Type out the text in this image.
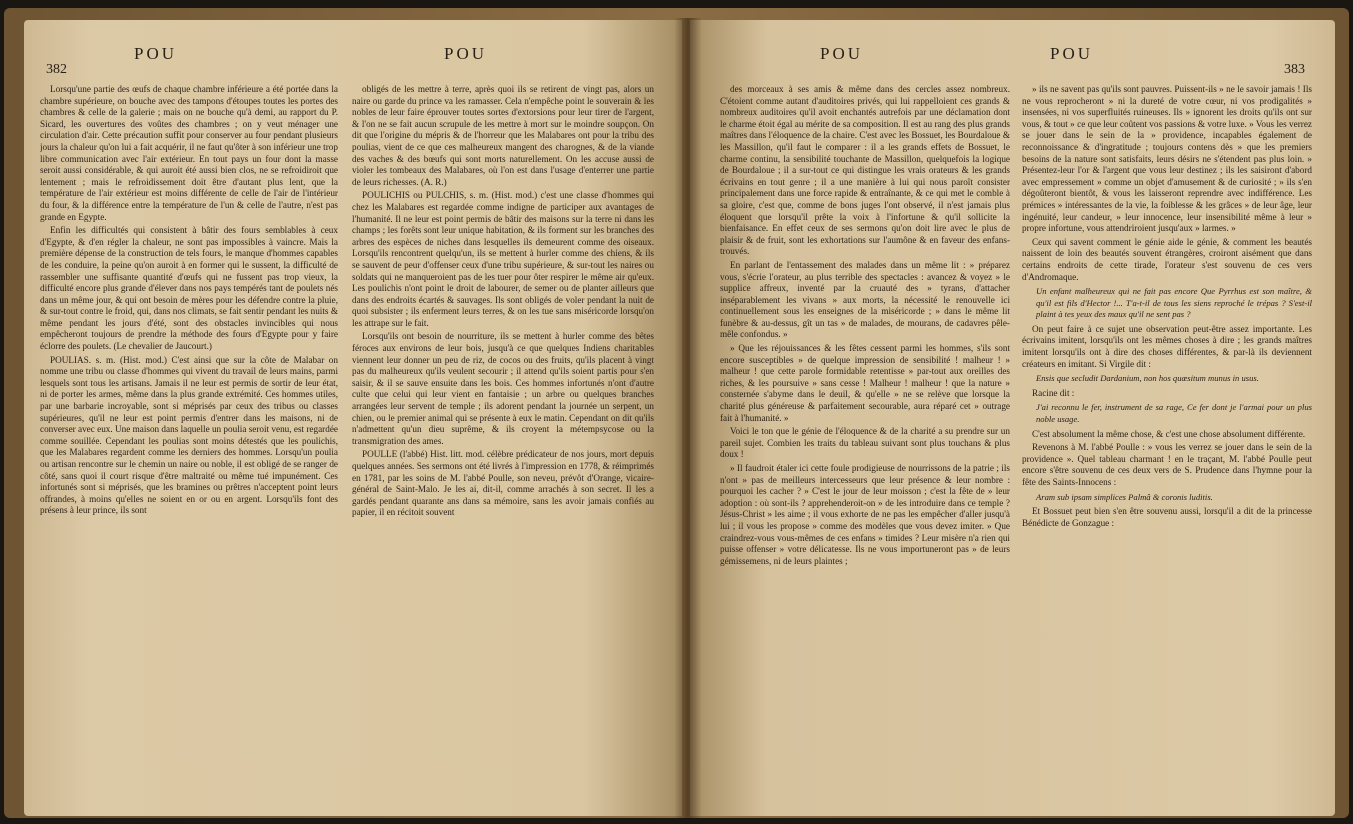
382
POU	POU

Lorsqu'une partie des œufs de chaque chambre inférieure a été portée dans la chambre supérieure, on bouche avec des tampons d'étoupes toutes les portes des chambres & celle de la galerie ; mais on ne bouche qu'à demi, au rapport du P. Sicard, les ouvertures des voûtes des chambres ; on y veut ménager une circulation d'air. Cette précaution suffit pour conserver au four pendant plusieurs jours la chaleur qu'on lui a fait acquérir, il ne faut qu'ôter à son inférieur une trop libre communication avec l'air extérieur. En tout pays un four dont la masse seroit aussi considérable, & qui auroit été aussi bien clos, ne se refroidiroit que lentement ; mais le refroidissement doit être d'autant plus lent, que la température de l'air extérieur est moins différente de celle de l'air de l'intérieur du four, & la différence entre la température de l'un & celle de l'autre, n'est pas grande en Egypte.

Enfin les difficultés qui consistent à bâtir des fours semblables à ceux d'Egypte, & d'en régler la chaleur, ne sont pas impossibles à vaincre. Mais la première dépense de la construction de tels fours, le manque d'hommes capables de les conduire, la peine qu'on auroit à en former qui le sussent, la difficulté de rassembler une suffisante quantité d'œufs qui ne fussent pas trop vieux, la difficulté encore plus grande d'élever dans nos pays tempérés tant de poulets nés dans un même jour, & qui ont besoin de mères pour les défendre contre la pluie, & sur-tout contre le froid, qui, dans nos climats, se fait sentir pendant les nuits & même pendant les jours d'été, sont des obstacles invincibles qui nous empêcheront toujours de prendre la méthode des fours d'Egypte pour y faire éclorre des poulets. (Le chevalier de Jaucourt.)

POULIAS. s. m. (Hist. mod.) C'est ainsi que sur la côte de Malabar on nomme une tribu ou classe d'hommes qui vivent du travail de leurs mains, parmi lesquels sont tous les artisans. Jamais il ne leur est permis de sortir de leur état, ni de porter les armes, même dans la plus grande extrémité. Ces hommes utiles, par une barbarie incroyable, sont si méprisés par ceux des tribus ou classes supérieures, qu'il ne leur est point permis d'entrer dans les maisons, ni de converser avec eux. Une maison dans laquelle un poulia seroit venu, est regardée comme souillée. Cependant les poulias sont moins détestés que les poulichis, que les Malabares regardent comme les derniers des hommes. Lorsqu'un poulia ou artisan rencontre sur le chemin un naire ou noble, il est obligé de se ranger de côté, sans quoi il court risque d'être maltraité ou même tué impunément. Ces infortunés sont si méprisés, que les bramines ou prêtres n'acceptent point leurs offrandes, à moins qu'elles ne soient en or ou en argent. Lorsqu'ils font des présens à leur prince, ils sont

obligés de les mettre à terre, après quoi ils se retirent de vingt pas, alors un naire ou garde du prince va les ramasser. Cela n'empêche point le souverain & les nobles de leur faire éprouver toutes sortes d'extorsions pour leur tirer de l'argent, & l'on ne se fait aucun scrupule de les mettre à mort sur le moindre soupçon. On dit que l'origine du mépris & de l'horreur que les Malabares ont pour la tribu des poulias, vient de ce que ces malheureux mangent des charognes, & de la viande des vaches & des bœufs qui sont morts naturellement. On les accuse aussi de violer les tombeaux des Malabares, où l'on est dans l'usage d'enterrer une partie de leurs richesses. (A. R.)

POULICHIS ou PULCHIS, s. m. (Hist. mod.) c'est une classe d'hommes qui chez les Malabares est regardée comme indigne de participer aux avantages de l'humanité. Il ne leur est point permis de bâtir des maisons sur la terre ni dans les champs ; les forêts sont leur unique habitation, & ils forment sur les branches des arbres des espèces de niches dans lesquelles ils demeurent comme des oiseaux. Lorsqu'ils rencontrent quelqu'un, ils se mettent à hurler comme des chiens, & ils se sauvent de peur d'offenser ceux d'une tribu supérieure, & sur-tout les naires ou soldats qui ne manqueroient pas de les tuer pour ôter respirer le même air qu'eux. Les poulichis n'ont point le droit de labourer, de semer ou de planter ailleurs que dans des endroits écartés & sauvages. Ils sont obligés de voler pendant la nuit de quoi subsister ; ils enferment leurs terres, & on les tue sans miséricorde lorsqu'on les attrape sur le fait.

Lorsqu'ils ont besoin de nourriture, ils se mettent à hurler comme des bêtes féroces aux environs de leur bois, jusqu'à ce que quelques Indiens charitables viennent leur donner un peu de riz, de cocos ou des fruits, qu'ils placent à vingt pas du malheureux qu'ils veulent secourir ; il attend qu'ils soient partis pour s'en saisir, & il se sauve ensuite dans les bois. Ces hommes infortunés n'ont d'autre culte que celui qui leur vient en fantaisie ; un arbre ou quelques branches arrangées leur servent de temple ; ils adorent pendant la journée un serpent, un chien, ou le premier animal qui se présente à eux le matin. Cependant on dit qu'ils n'admettent qu'un dieu suprême, & ils croyent la métempsycose ou la transmigration des ames.

POULLE (l'abbé) Hist. litt. mod. célèbre prédicateur de nos jours, mort depuis quelques années. Ses sermons ont été livrés à l'impression en 1778, & réimprimés en 1781, par les soins de M. l'abbé Poulle, son neveu, prévôt d'Orange, vicaire-général de Saint-Malo. Je les ai, dit-il, comme arrachés à son secret. Il les a gardés pendant quarante ans dans sa mémoire, sans les avoir jamais confiés au papier, il en récitoit souvent

POU	POU
383

des morceaux à ses amis & même dans des cercles assez nombreux. C'étoient comme autant d'auditoires privés, qui lui rappelloient ces grands & nombreux auditoires qu'il avoit enchantés autrefois par une déclamation dont le charme étoit égal au mérite de sa composition. Il est au rang des plus grands maîtres dans l'éloquence de la chaire. C'est avec les Bossuet, les Bourdaloue & les Massillon, qu'il faut le comparer : il a les grands effets de Bossuet, le charme continu, la sensibilité touchante de Massillon, quelquefois la logique de Bourdaloue ; il a sur-tout ce qui distingue les vrais orateurs & les grands écrivains en tout genre ; il a une manière à lui qui nous paroît consister principalement dans une force rapide & entraînante, & ce qui met le comble à sa gloire, c'est que, comme de bons juges l'ont observé, il n'est jamais plus éloquent que lorsqu'il prête la voix à l'infortune & qu'il sollicite la bienfaisance. En effet ceux de ses sermons qu'on doit lire avec le plus de plaisir & de fruit, sont les exhortations sur l'aumône & en faveur des enfans-trouvés.

En parlant de l'entassement des malades dans un même lit : » préparez vous, s'écrie l'orateur, au plus terrible des spectacles : avancez & voyez » le supplice affreux, inventé par la cruauté des » tyrans, d'attacher inséparablement les vivans » aux morts, la nécessité le renouvelle ici continuellement sous les enseignes de la miséricorde ; » dans le même lit funèbre & au-dessus, gît un tas » de malades, de mourans, de cadavres pêle-mêle confondus. »

» Que les réjouissances & les fêtes cessent parmi les hommes, s'ils sont encore susceptibles » de quelque impression de sensibilité ! malheur ! » malheur ! que cette parole formidable retentisse » par-tout aux oreilles des riches, & les poursuive » sans cesse ! Malheur ! malheur ! que la nature » consternée s'abyme dans le deuil, & qu'elle » ne se relève que lorsque la charité plus généreuse & parfaitement secourable, aura réparé cet » outrage fait à l'humanité. »

Voici le ton que le génie de l'éloquence & de la charité a su prendre sur un pareil sujet. Combien les traits du tableau suivant sont plus touchans & plus doux !

» Il faudroit étaler ici cette foule prodigieuse de nourrissons de la patrie ; ils n'ont » pas de meilleurs intercesseurs que leur présence & leur nombre : pourquoi les cacher ? » C'est le jour de leur moisson ; c'est la fête de » leur adoption : où sont-ils ? apprehenderoit-on » de les introduire dans ce temple ? Jésus-Christ » les aime ; il vous exhorte de ne pas les empêcher d'aller jusqu'à lui ; il vous les propose » comme des modèles que vous devez imiter. » Que craindrez-vous vous-mêmes de ces enfans » timides ? Leur misère n'a rien qui puisse offenser » votre délicatesse. Ils ne vous importuneront pas » de leurs gémissemens, ni de leurs plaintes ;

» ils ne savent pas qu'ils sont pauvres. Puissent-ils » ne le savoir jamais ! Ils ne vous reprocheront » ni la dureté de votre cœur, ni vos prodigalités » insensées, ni vos superfluités ruineuses. Ils » ignorent les droits qu'ils ont sur vous, & tout » ce que leur coûtent vos passions & votre luxe. » Vous les verrez se jouer dans le sein de la » providence, incapables également de reconnoissance & d'ingratitude ; toujours contens dès » que les premiers besoins de la nature sont satisfaits, leurs désirs ne s'étendent pas plus loin. » Présentez-leur l'or & l'argent que vous leur destinez ; ils les saisiront d'abord avec empressement » comme un objet d'amusement & de curiosité ; » ils s'en dégoûteront bientôt, & vous les laisseront reprendre avec indifférence. Les prémices » intéressantes de la vie, la foiblesse & les grâces » de leur âge, leur ingénuité, leur candeur, » leur innocence, leur insensibilité même à leur » propre infortune, vous attendriroient jusqu'aux » larmes. »

Ceux qui savent comment le génie aide le génie, & comment les beautés naissent de loin des beautés souvent étrangères, croiront aisément que dans certains endroits de cette tirade, l'orateur s'est souvenu de ces vers d'Andromaque.

Un enfant malheureux qui ne fait pas encore Que Pyrrhus est son maître, & qu'il est fils d'Hector !... T'a-t-il de tous les siens reproché le trépas ? S'est-il plaint à tes yeux des maux qu'il ne sent pas ?

On peut faire à ce sujet une observation peut-être assez importante. Les écrivains imitent, lorsqu'ils ont les mêmes choses à dire ; les grands maîtres imitent lorsqu'ils ont à dire des choses différentes, & par-là ils deviennent créateurs en imitant. Si Virgile dit :

Ensis que secludit Dardanium, non hos quœsitum munus in usus.

Racine dit :

J'ai reconnu le fer, instrument de sa rage, Ce fer dont je l'armai pour un plus noble usage.

C'est absolument la même chose, & c'est une chose absolument différente.

Revenons à M. l'abbé Poulle : » vous les verrez se jouer dans le sein de la providence ». Quel tableau charmant ! en le traçant, M. l'abbé Poulle peut encore s'être souvenu de ces deux vers de S. Prudence dans l'hymne pour la fête des Saints-Innocens :

Aram sub ipsam simplices Palmâ & coronis luditis.

Et Bossuet peut bien s'en être souvenu aussi, lorsqu'il a dit de la princesse Bénédicte de Gonzague :
